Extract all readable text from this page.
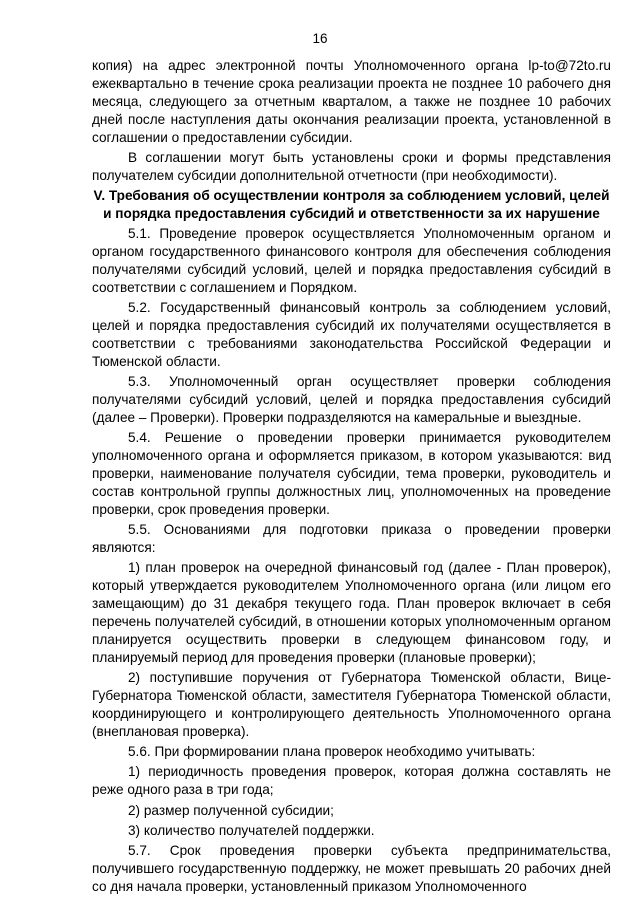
16

копия) на адрес электронной почты Уполномоченного органа lp-to@72to.ru ежеквартально в течение срока реализации проекта не позднее 10 рабочего дня месяца, следующего за отчетным кварталом, а также не позднее 10 рабочих дней после наступления даты окончания реализации проекта, установленной в соглашении о предоставлении субсидии.

В соглашении могут быть установлены сроки и формы представления получателем субсидии дополнительной отчетности (при необходимости).

V. Требования об осуществлении контроля за соблюдением условий, целей и порядка предоставления субсидий и ответственности за их нарушение

5.1. Проведение проверок осуществляется Уполномоченным органом и органом государственного финансового контроля для обеспечения соблюдения получателями субсидий условий, целей и порядка предоставления субсидий в соответствии с соглашением и Порядком.

5.2. Государственный финансовый контроль за соблюдением условий, целей и порядка предоставления субсидий их получателями осуществляется в соответствии с требованиями законодательства Российской Федерации и Тюменской области.

5.3. Уполномоченный орган осуществляет проверки соблюдения получателями субсидий условий, целей и порядка предоставления субсидий (далее – Проверки). Проверки подразделяются на камеральные и выездные.

5.4. Решение о проведении проверки принимается руководителем уполномоченного органа и оформляется приказом, в котором указываются: вид проверки, наименование получателя субсидии, тема проверки, руководитель и состав контрольной группы должностных лиц, уполномоченных на проведение проверки, срок проведения проверки.

5.5. Основаниями для подготовки приказа о проведении проверки являются:

1) план проверок на очередной финансовый год (далее - План проверок), который утверждается руководителем Уполномоченного органа (или лицом его замещающим) до 31 декабря текущего года. План проверок включает в себя перечень получателей субсидий, в отношении которых уполномоченным органом планируется осуществить проверки в следующем финансовом году, и планируемый период для проведения проверки (плановые проверки);

2) поступившие поручения от Губернатора Тюменской области, Вице-Губернатора Тюменской области, заместителя Губернатора Тюменской области, координирующего и контролирующего деятельность Уполномоченного органа (внеплановая проверка).

5.6. При формировании плана проверок необходимо учитывать:

1) периодичность проведения проверок, которая должна составлять не реже одного раза в три года;

2) размер полученной субсидии;

3) количество получателей поддержки.

5.7. Срок проведения проверки субъекта предпринимательства, получившего государственную поддержку, не может превышать 20 рабочих дней со дня начала проверки, установленный приказом Уполномоченного
